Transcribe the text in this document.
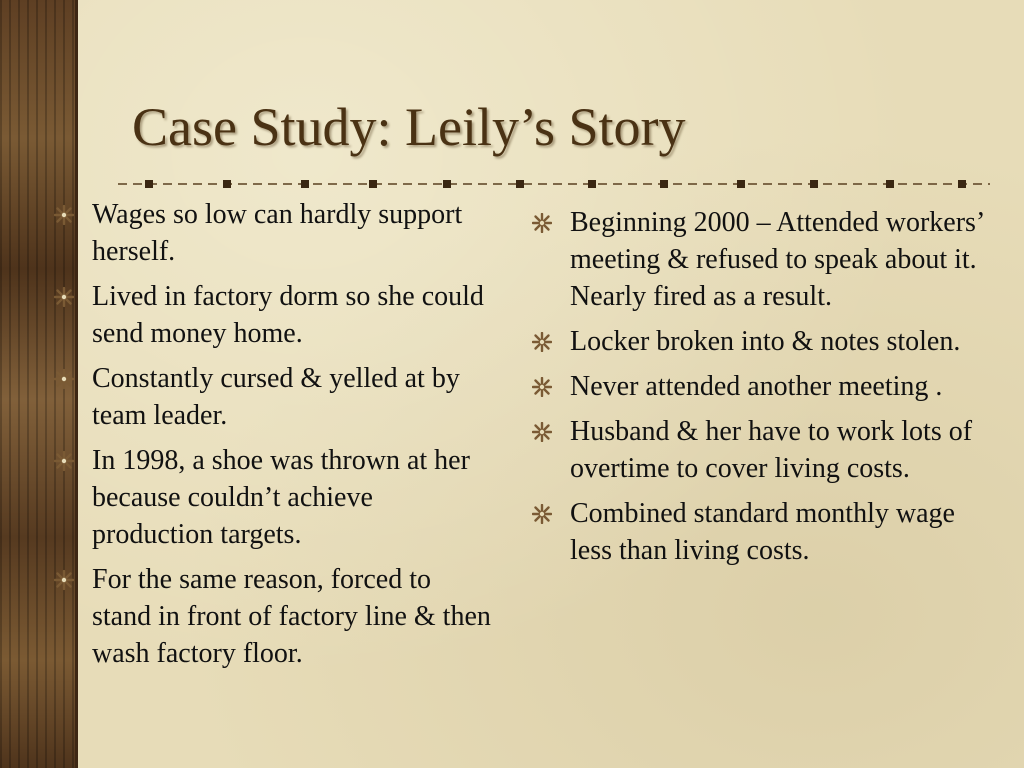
Case Study: Leily’s Story
Wages so low can hardly support herself.
Lived in factory dorm so she could send money home.
Constantly cursed & yelled at by team leader.
In 1998, a shoe was thrown at her because couldn’t achieve production targets.
For the same reason, forced to stand in front of factory line & then wash factory floor.
Beginning 2000 – Attended workers’ meeting & refused to speak about it. Nearly fired as a result.
Locker broken into & notes stolen.
Never attended another meeting .
Husband & her have to work lots of overtime to cover living costs.
Combined standard monthly wage less than living costs.
